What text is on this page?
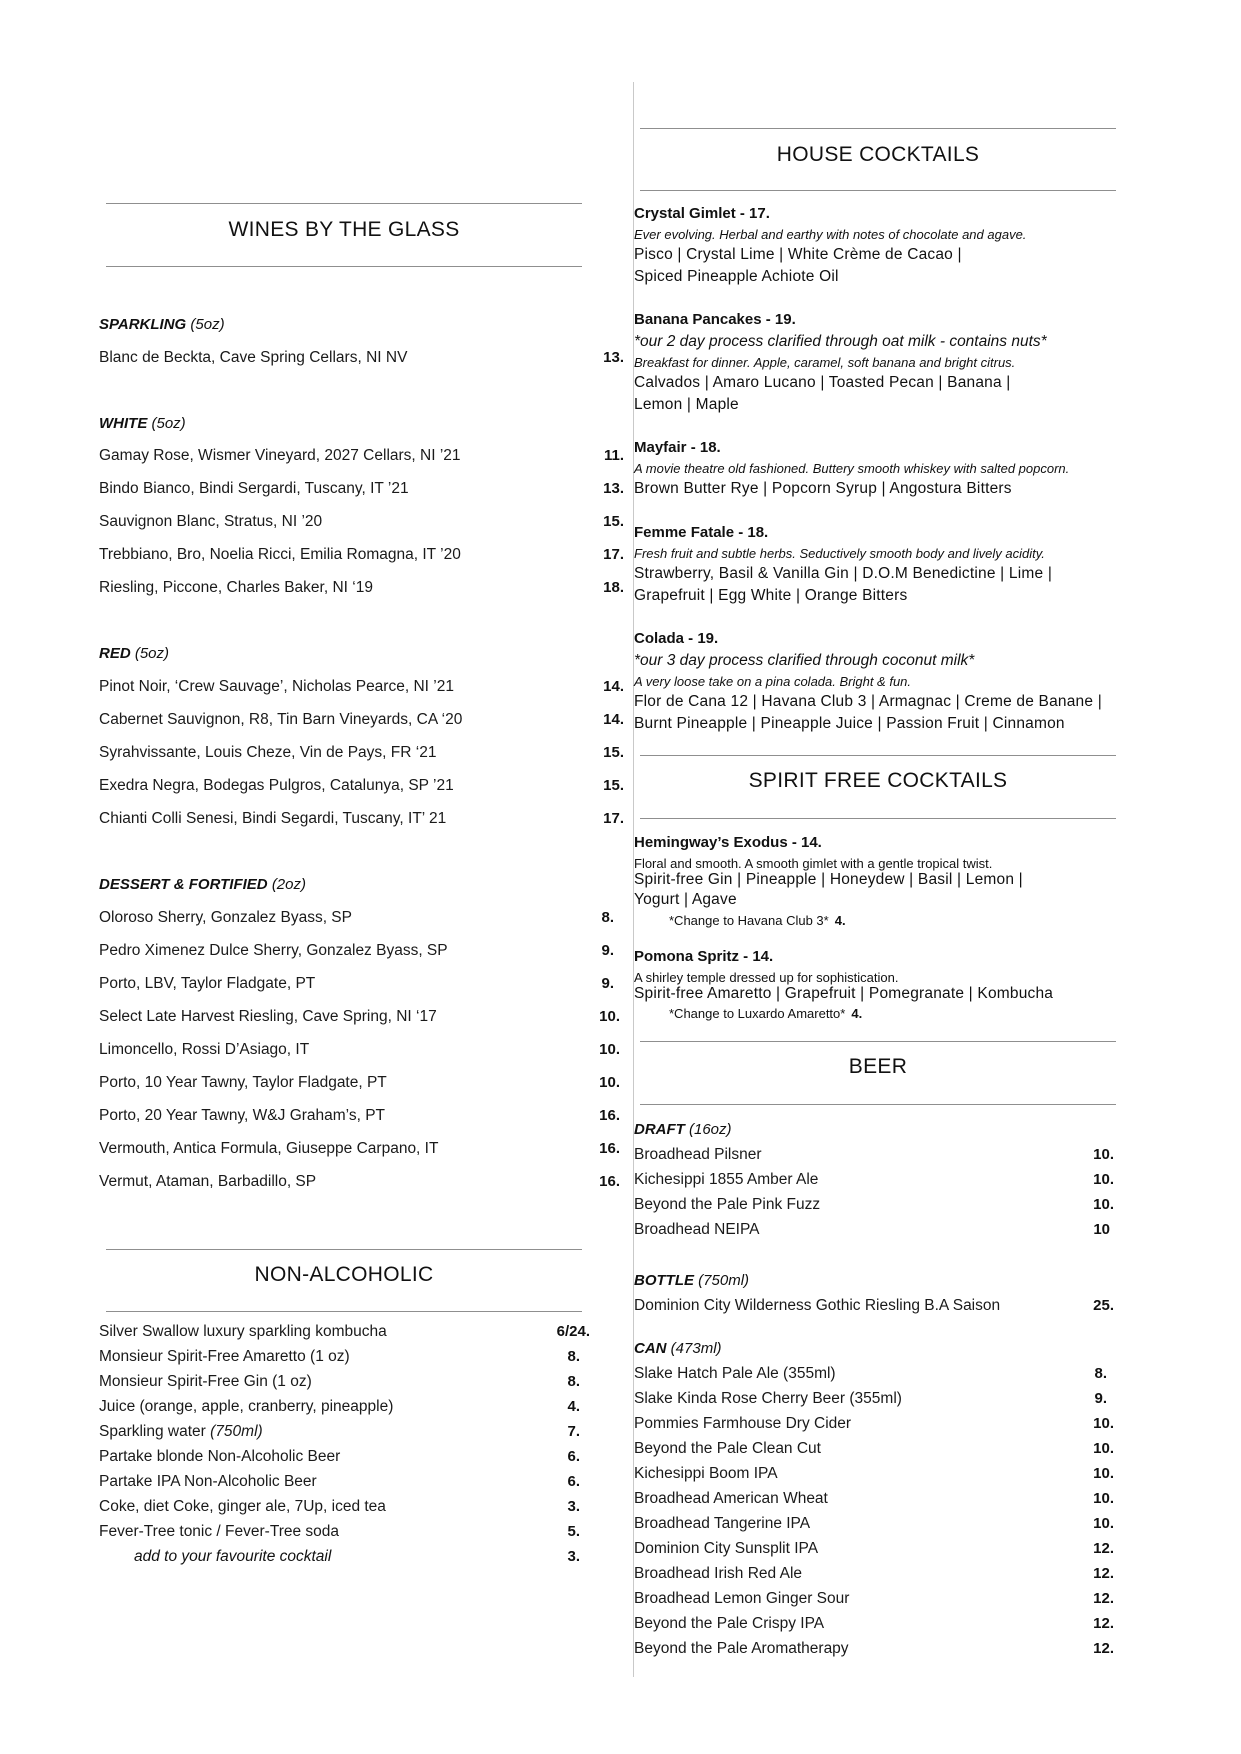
WINES BY THE GLASS
SPARKLING (5oz)
Blanc de Beckta, Cave Spring Cellars, NI NV	13.
WHITE (5oz)
Gamay Rose, Wismer Vineyard, 2027 Cellars, NI ’21	11.
Bindo Bianco, Bindi Sergardi, Tuscany, IT ’21	13.
Sauvignon Blanc, Stratus, NI ’20	15.
Trebbiano, Bro, Noelia Ricci, Emilia Romagna, IT ’20	17.
Riesling, Piccone, Charles Baker, NI ‘19	18.
RED (5oz)
Pinot Noir, ‘Crew Sauvage’, Nicholas Pearce, NI ’21	14.
Cabernet Sauvignon, R8, Tin Barn Vineyards, CA ‘20	14.
Syrahvissante, Louis Cheze, Vin de Pays, FR ‘21	15.
Exedra Negra, Bodegas Pulgros, Catalunya, SP ’21	15.
Chianti Colli Senesi, Bindi Segardi, Tuscany, IT’ 21	17.
DESSERT & FORTIFIED (2oz)
Oloroso Sherry, Gonzalez Byass, SP	8.
Pedro Ximenez Dulce Sherry, Gonzalez Byass, SP	9.
Porto, LBV, Taylor Fladgate, PT	9.
Select Late Harvest Riesling, Cave Spring, NI ‘17	10.
Limoncello, Rossi D’Asiago, IT	10.
Porto, 10 Year Tawny, Taylor Fladgate, PT	10.
Porto, 20 Year Tawny, W&J Graham’s, PT	16.
Vermouth, Antica Formula, Giuseppe Carpano, IT	16.
Vermut, Ataman, Barbadillo, SP	16.
NON-ALCOHOLIC
Silver Swallow luxury sparkling kombucha	6/24.
Monsieur Spirit-Free Amaretto (1 oz)	8.
Monsieur Spirit-Free Gin (1 oz)	8.
Juice (orange, apple, cranberry, pineapple)	4.
Sparkling water (750ml)	7.
Partake blonde Non-Alcoholic Beer	6.
Partake IPA Non-Alcoholic Beer	6.
Coke, diet Coke, ginger ale, 7Up, iced tea	3.
Fever-Tree tonic / Fever-Tree soda	5.
add to your favourite cocktail	3.
HOUSE COCKTAILS
Crystal Gimlet - 17.
Ever evolving. Herbal and earthy with notes of chocolate and agave.
Pisco | Crystal Lime | White Crème de Cacao |
Spiced Pineapple Achiote Oil
Banana Pancakes - 19.
*our 2 day process clarified through oat milk - contains nuts*
Breakfast for dinner. Apple, caramel, soft banana and bright citrus.
Calvados | Amaro Lucano | Toasted Pecan | Banana |
Lemon | Maple
Mayfair - 18.
A movie theatre old fashioned. Buttery smooth whiskey with salted popcorn.
Brown Butter Rye | Popcorn Syrup | Angostura Bitters
Femme Fatale - 18.
Fresh fruit and subtle herbs. Seductively smooth body and lively acidity.
Strawberry, Basil & Vanilla Gin | D.O.M Benedictine | Lime |
Grapefruit | Egg White | Orange Bitters
Colada - 19.
*our 3 day process clarified through coconut milk*
A very loose take on a pina colada. Bright & fun.
Flor de Cana 12 | Havana Club 3 | Armagnac | Creme de Banane |
Burnt Pineapple | Pineapple Juice | Passion Fruit | Cinnamon
SPIRIT FREE COCKTAILS
Hemingway’s Exodus - 14.
Floral and smooth. A smooth gimlet with a gentle tropical twist.
Spirit-free Gin | Pineapple | Honeydew | Basil | Lemon |
Yogurt | Agave
*Change to Havana Club 3* 4.
Pomona Spritz - 14.
A shirley temple dressed up for sophistication.
Spirit-free Amaretto | Grapefruit | Pomegranate | Kombucha
*Change to Luxardo Amaretto* 4.
BEER
DRAFT (16oz)
Broadhead Pilsner	10.
Kichesippi 1855 Amber Ale	10.
Beyond the Pale Pink Fuzz	10.
Broadhead NEIPA	10
BOTTLE (750ml)
Dominion City Wilderness Gothic Riesling B.A Saison	25.
CAN (473ml)
Slake Hatch Pale Ale (355ml)	8.
Slake Kinda Rose Cherry Beer (355ml)	9.
Pommies Farmhouse Dry Cider	10.
Beyond the Pale Clean Cut	10.
Kichesippi Boom IPA	10.
Broadhead American Wheat	10.
Broadhead Tangerine IPA	10.
Dominion City Sunsplit IPA	12.
Broadhead Irish Red Ale	12.
Broadhead Lemon Ginger Sour	12.
Beyond the Pale Crispy IPA	12.
Beyond the Pale Aromatherapy	12.
